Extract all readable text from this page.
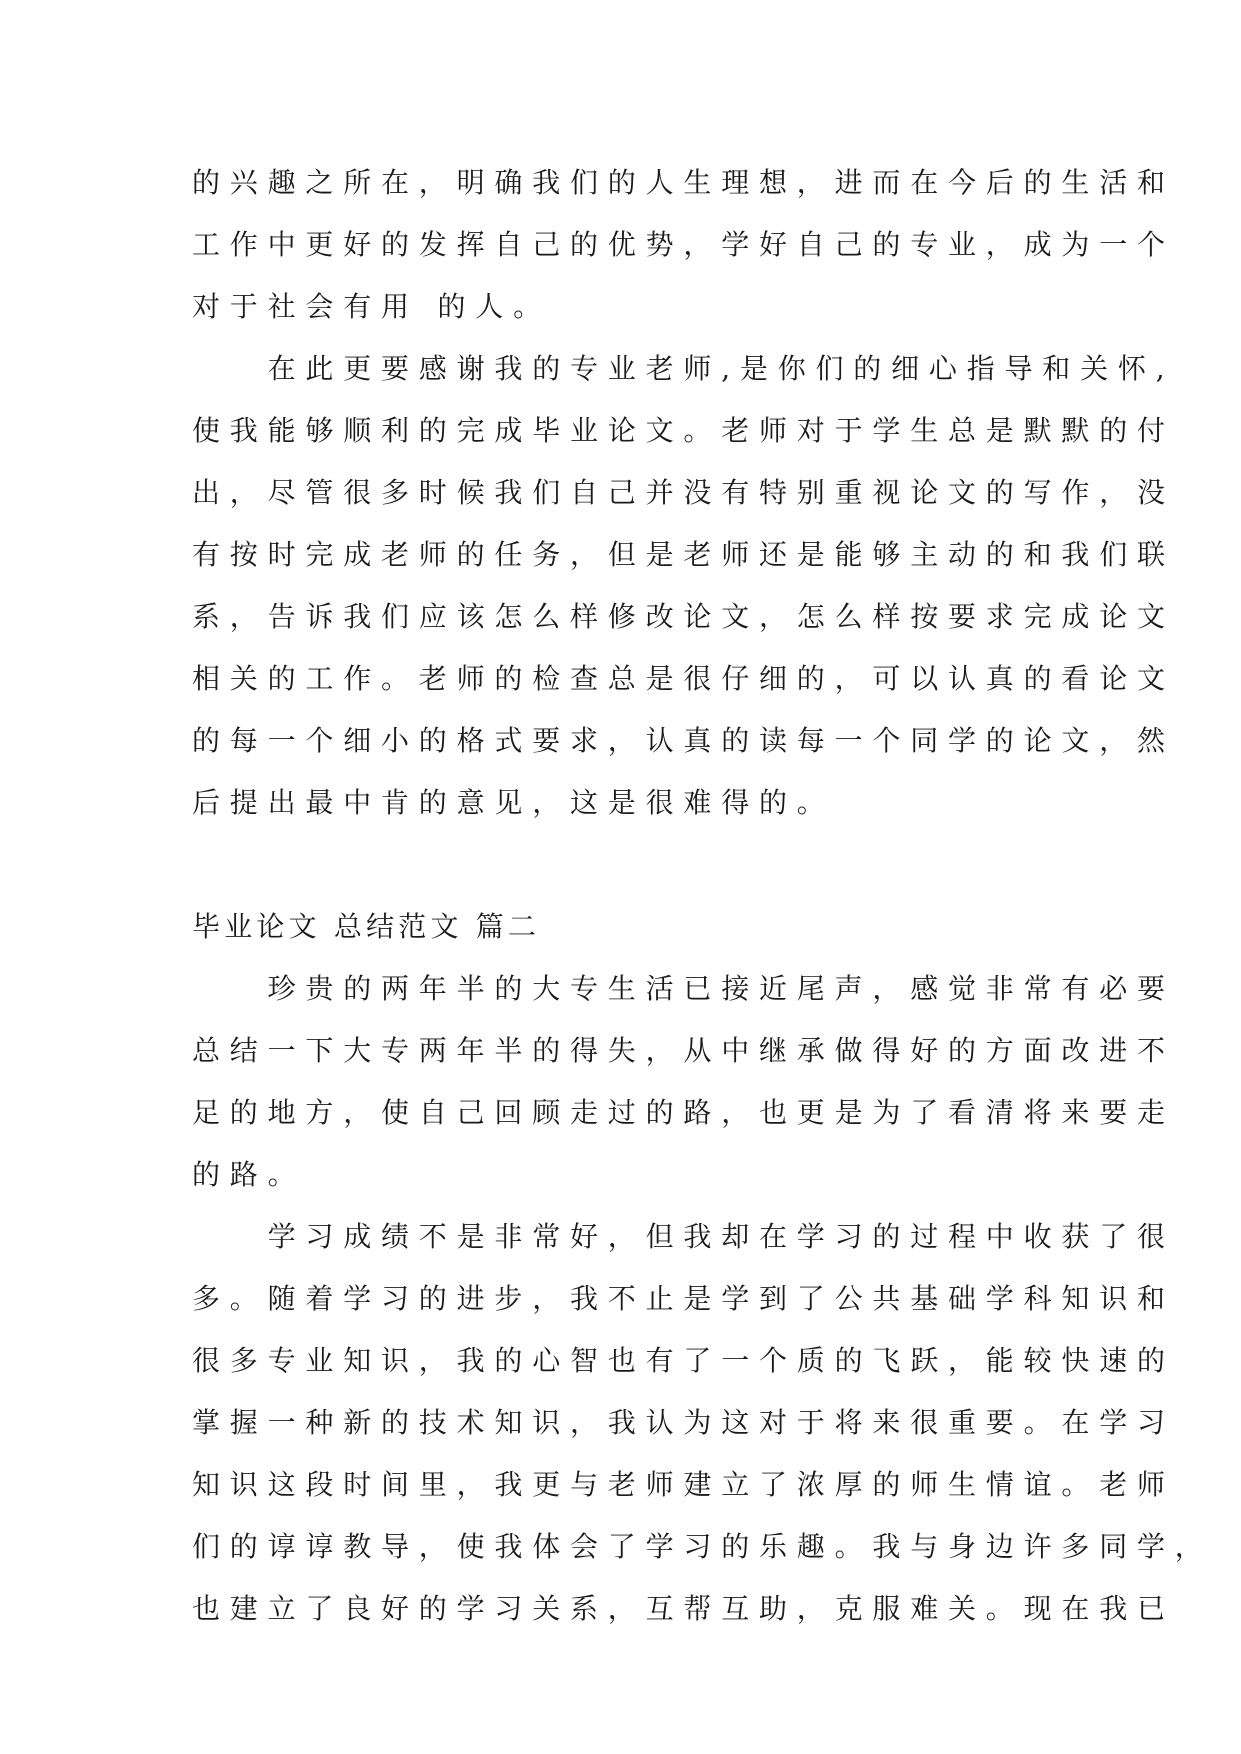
的兴趣之所在，明确我们的人生理想，进而在今后的生活和
工作中更好的发挥自己的优势，学好自己的专业，成为一个
对于社会有用 的人。
在此更要感谢我的专业老师,是你们的细心指导和关怀,
使我能够顺利的完成毕业论文。老师对于学生总是默默的付
出，尽管很多时候我们自己并没有特别重视论文的写作，没
有按时完成老师的任务，但是老师还是能够主动的和我们联
系，告诉我们应该怎么样修改论文，怎么样按要求完成论文
相关的工作。老师的检查总是很仔细的，可以认真的看论文
的每一个细小的格式要求，认真的读每一个同学的论文，然
后提出最中肯的意见，这是很难得的。
毕业论文 总结范文 篇二
珍贵的两年半的大专生活已接近尾声，感觉非常有必要
总结一下大专两年半的得失，从中继承做得好的方面改进不
足的地方，使自己回顾走过的路，也更是为了看清将来要走
的路。
学习成绩不是非常好，但我却在学习的过程中收获了很
多。随着学习的进步，我不止是学到了公共基础学科知识和
很多专业知识，我的心智也有了一个质的飞跃，能较快速的
掌握一种新的技术知识，我认为这对于将来很重要。在学习
知识这段时间里，我更与老师建立了浓厚的师生情谊。老师
们的谆谆教导，使我体会了学习的乐趣。我与身边许多同学，
也建立了良好的学习关系，互帮互助，克服难关。现在我已
